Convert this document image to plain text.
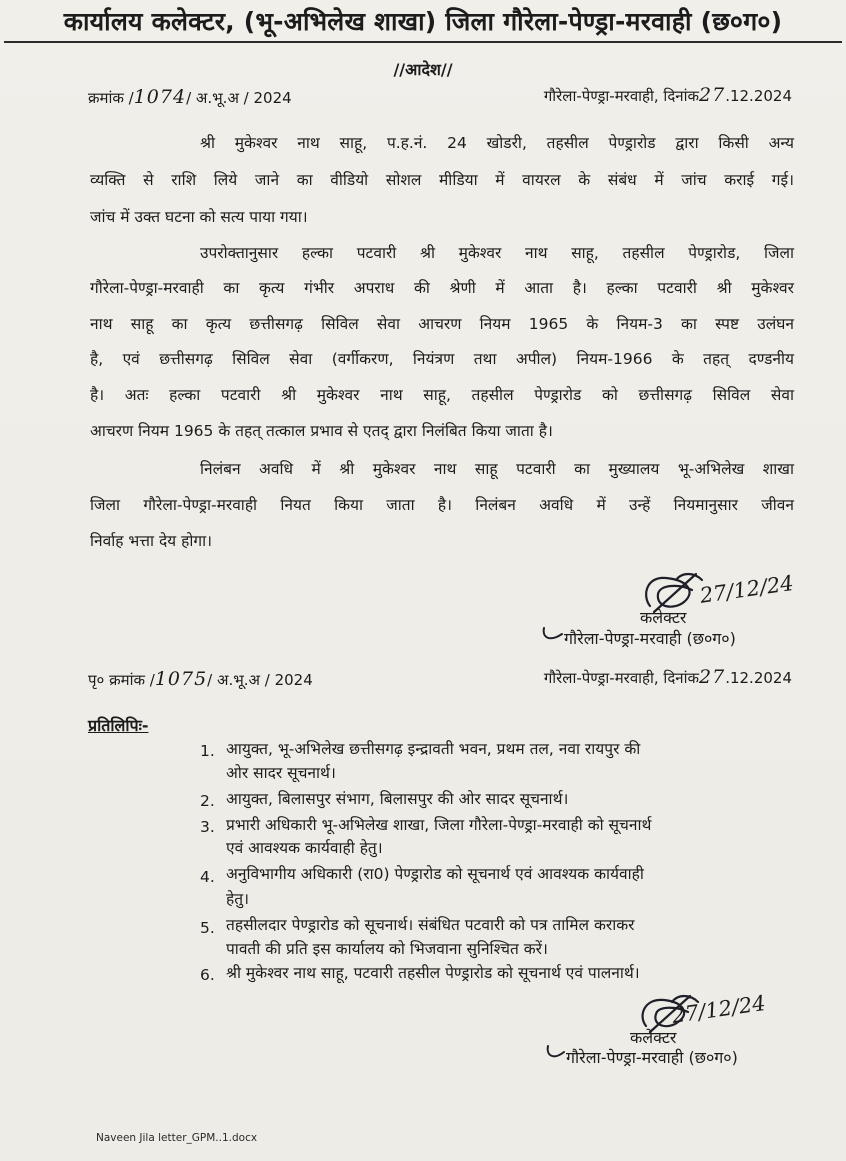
कार्यालय कलेक्टर, (भू-अभिलेख शाखा) जिला गौरेला-पेण्ड्रा-मरवाही (छ०ग०)
//आदेश//
क्रमांक /1074/ अ.भू.अ / 2024	गौरेला-पेण्ड्रा-मरवाही, दिनांक27.12.2024
श्री मुकेश्वर नाथ साहू, प.ह.नं. 24 खोडरी, तहसील पेण्ड्रारोड द्वारा किसी अन्य
व्यक्ति से राशि लिये जाने का वीडियो सोशल मीडिया में वायरल के संबंध में जांच कराई गई।
जांच में उक्त घटना को सत्य पाया गया।
उपरोक्तानुसार हल्का पटवारी श्री मुकेश्वर नाथ साहू, तहसील पेण्ड्रारोड, जिला
गौरेला-पेण्ड्रा-मरवाही का कृत्य गंभीर अपराध की श्रेणी में आता है। हल्का पटवारी श्री मुकेश्वर
नाथ साहू का कृत्य छत्तीसगढ़ सिविल सेवा आचरण नियम 1965 के नियम-3 का स्पष्ट उलंघन
है, एवं छत्तीसगढ़ सिविल सेवा (वर्गीकरण, नियंत्रण तथा अपील) नियम-1966 के तहत् दण्डनीय
है। अतः हल्का पटवारी श्री मुकेश्वर नाथ साहू, तहसील पेण्ड्रारोड को छत्तीसगढ़ सिविल सेवा
आचरण नियम 1965 के तहत् तत्काल प्रभाव से एतद् द्वारा निलंबित किया जाता है।
निलंबन अवधि में श्री मुकेश्वर नाथ साहू पटवारी का मुख्यालय भू-अभिलेख शाखा
जिला गौरेला-पेण्ड्रा-मरवाही नियत किया जाता है। निलंबन अवधि में उन्हें नियमानुसार जीवन
निर्वाह भत्ता देय होगा।
27/12/24
कलेक्टर
गौरेला-पेण्ड्रा-मरवाही (छ०ग०)
पृ० क्रमांक /1075/ अ.भू.अ / 2024	गौरेला-पेण्ड्रा-मरवाही, दिनांक27.12.2024
प्रतिलिपिः-
1. आयुक्त, भू-अभिलेख छत्तीसगढ़ इन्द्रावती भवन, प्रथम तल, नवा रायपुर की
ओर सादर सूचनार्थ।
2. आयुक्त, बिलासपुर संभाग, बिलासपुर की ओर सादर सूचनार्थ।
3. प्रभारी अधिकारी भू-अभिलेख शाखा, जिला गौरेला-पेण्ड्रा-मरवाही को सूचनार्थ
एवं आवश्यक कार्यवाही हेतु।
4. अनुविभागीय अधिकारी (रा0) पेण्ड्रारोड को सूचनार्थ एवं आवश्यक कार्यवाही
हेतु।
5. तहसीलदार पेण्ड्रारोड को सूचनार्थ। संबंधित पटवारी को पत्र तामिल कराकर
पावती की प्रति इस कार्यालय को भिजवाना सुनिश्चित करें।
6. श्री मुकेश्वर नाथ साहू, पटवारी तहसील पेण्ड्रारोड को सूचनार्थ एवं पालनार्थ।
27/12/24
कलेक्टर
गौरेला-पेण्ड्रा-मरवाही (छ०ग०)
Naveen Jila letter_GPM..1.docx
